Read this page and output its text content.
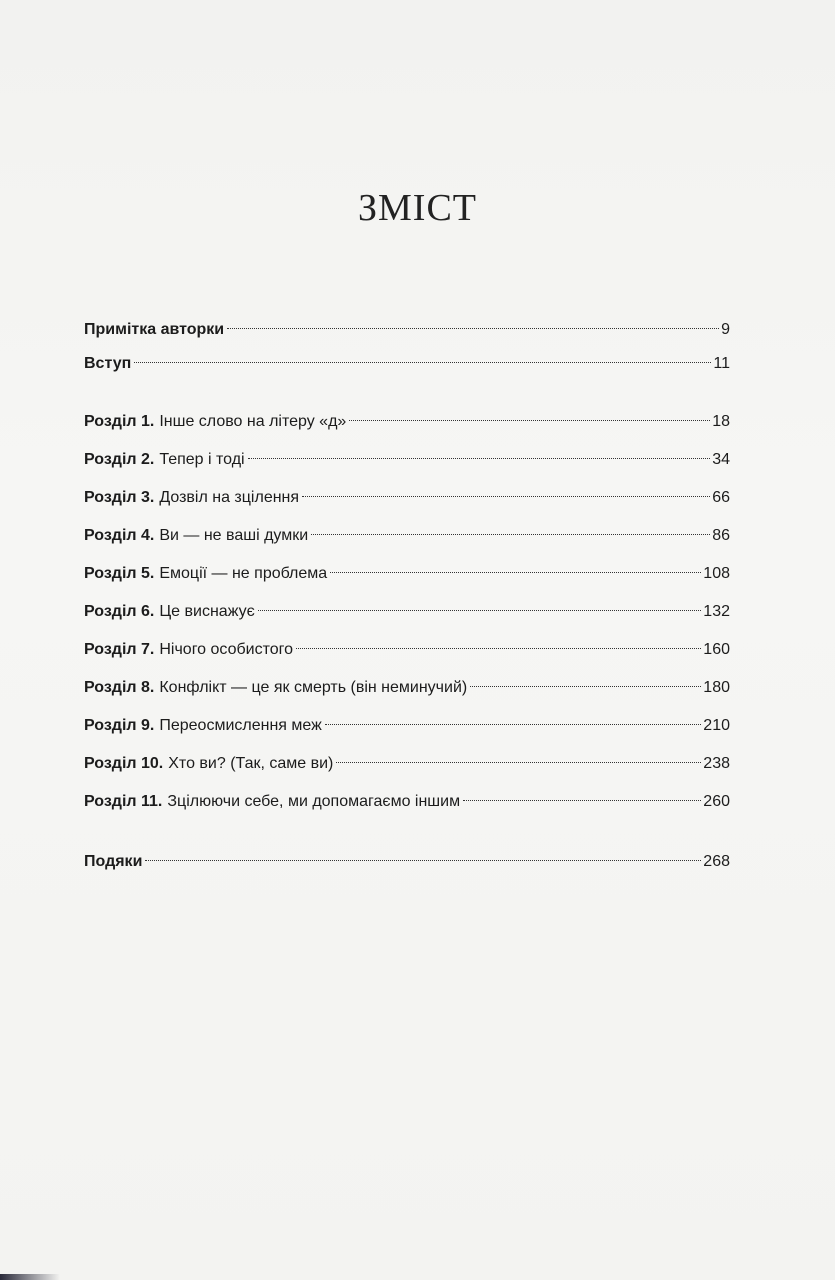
ЗМІСТ
Примітка авторки	9
Вступ	11
Розділ 1. Інше слово на літеру «д»	18
Розділ 2. Тепер і тоді	34
Розділ 3. Дозвіл на зцілення	66
Розділ 4. Ви — не ваші думки	86
Розділ 5. Емоції — не проблема	108
Розділ 6. Це виснажує	132
Розділ 7. Нічого особистого	160
Розділ 8. Конфлікт — це як смерть (він неминучий)	180
Розділ 9. Переосмислення меж	210
Розділ 10. Хто ви? (Так, саме ви)	238
Розділ 11. Зцілюючи себе, ми допомагаємо іншим	260
Подяки	268
